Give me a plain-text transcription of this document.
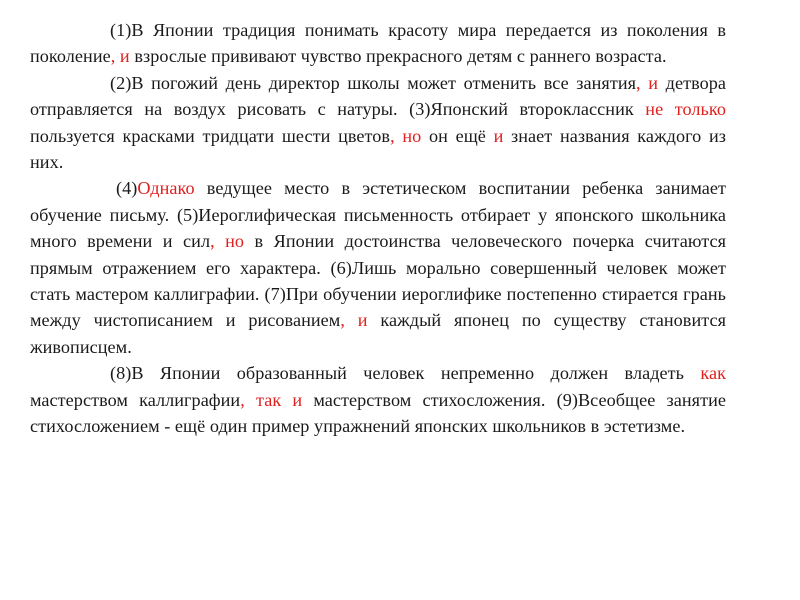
(1)В Японии традиция понимать красоту мира передается из поколения в поколение, и взрослые прививают чувство прекрасного детям с раннего возраста.

(2)В погожий день директор школы может отменить все занятия, и детвора отправляется на воздух рисовать с натуры. (3)Японский второклассник не только пользуется красками тридцати шести цветов, но он ещё и знает названия каждого из них.

(4)Однако ведущее место в эстетическом воспитании ребенка занимает обучение письму. (5)Иероглифическая письменность отбирает у японского школьника много времени и сил, но в Японии достоинства человеческого почерка считаются прямым отражением его характера. (6)Лишь морально совершенный человек может стать мастером каллиграфии. (7)При обучении иероглифике постепенно стирается грань между чистописанием и рисованием, и каждый японец по существу становится живописцем.

(8)В Японии образованный человек непременно должен владеть как мастерством каллиграфии, так и мастерством стихосложения. (9)Всеобщее занятие стихосложением - ещё один пример упражнений японских школьников в эстетизме.
